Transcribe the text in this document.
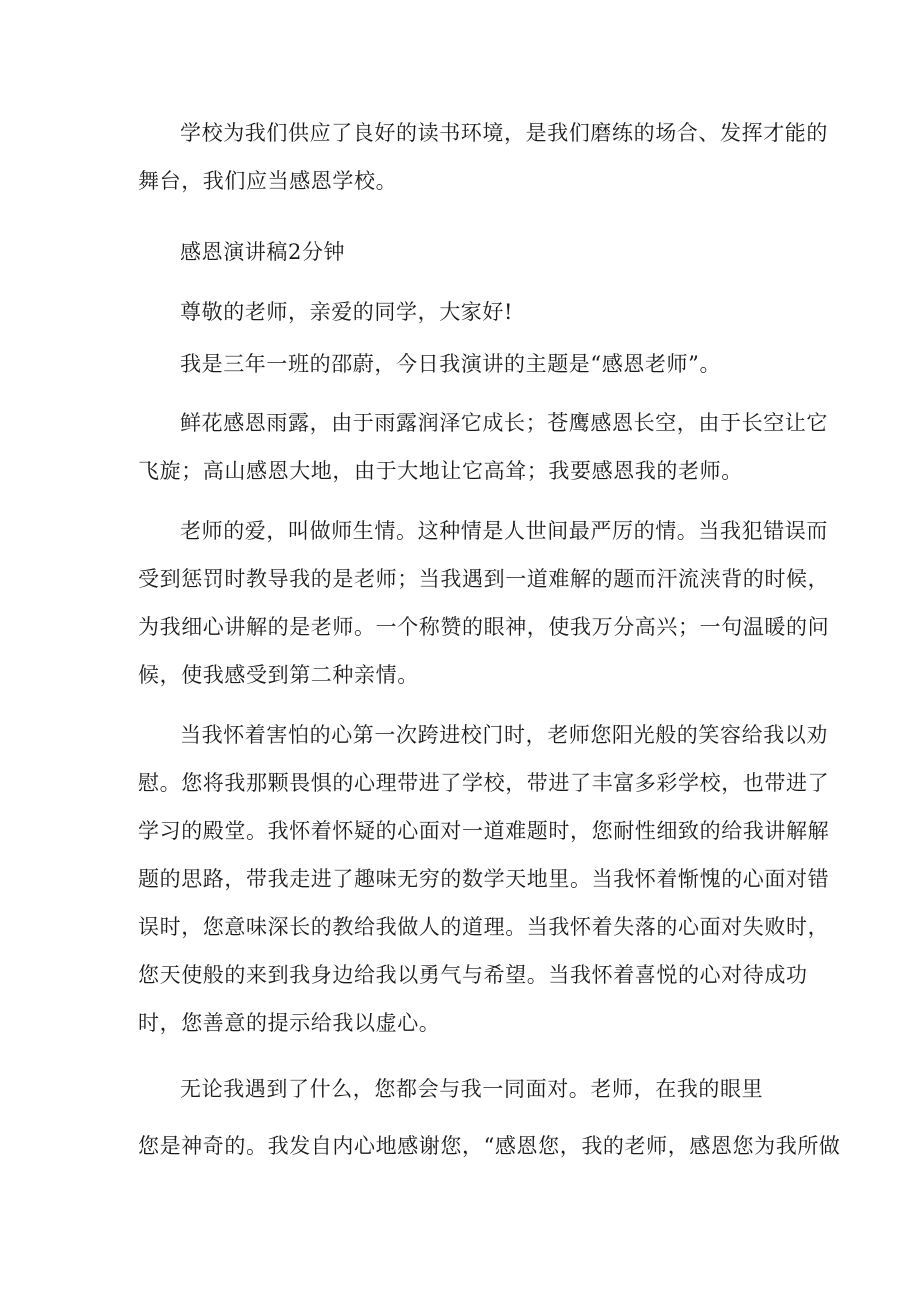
学校为我们供应了良好的读书环境，是我们磨练的场合、发挥才能的
舞台，我们应当感恩学校。
感恩演讲稿2分钟
尊敬的老师，亲爱的同学，大家好!
我是三年一班的邵蔚，今日我演讲的主题是“感恩老师”。
鲜花感恩雨露，由于雨露润泽它成长；苍鹰感恩长空，由于长空让它
飞旋；高山感恩大地，由于大地让它高耸；我要感恩我的老师。
老师的爱，叫做师生情。这种情是人世间最严厉的情。当我犯错误而
受到惩罚时教导我的是老师；当我遇到一道难解的题而汗流浃背的时候，
为我细心讲解的是老师。一个称赞的眼神，使我万分高兴；一句温暖的问
候，使我感受到第二种亲情。
当我怀着害怕的心第一次跨进校门时，老师您阳光般的笑容给我以劝
慰。您将我那颗畏惧的心理带进了学校，带进了丰富多彩学校，也带进了
学习的殿堂。我怀着怀疑的心面对一道难题时，您耐性细致的给我讲解解
题的思路，带我走进了趣味无穷的数学天地里。当我怀着惭愧的心面对错
误时，您意味深长的教给我做人的道理。当我怀着失落的心面对失败时，
您天使般的来到我身边给我以勇气与希望。当我怀着喜悦的心对待成功
时，您善意的提示给我以虚心。
无论我遇到了什么，您都会与我一同面对。老师，在我的眼里
您是神奇的。我发自内心地感谢您，“感恩您，我的老师，感恩您为我所做
